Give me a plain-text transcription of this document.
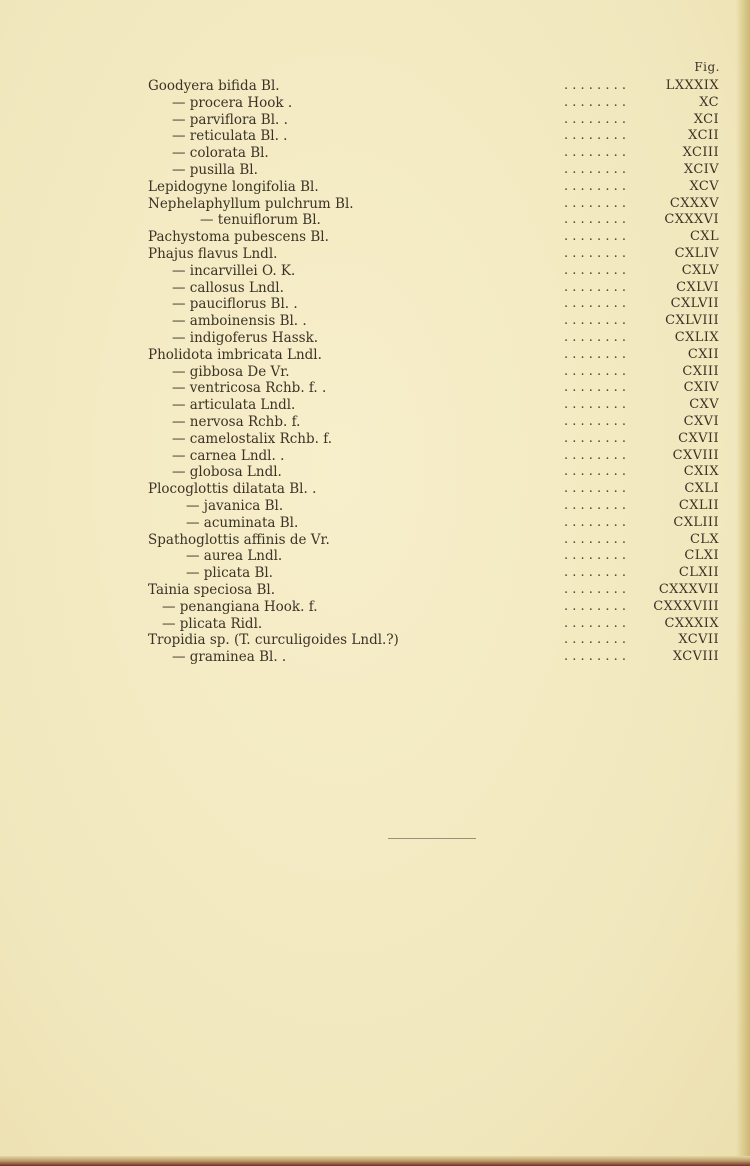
Fig.
. . . . . . . .
Goodyera bifida Bl.	LXXXIX
. . . . . . . .
— procera Hook .	XC
. . . . . . . .
— parviflora Bl. .	XCI
. . . . . . . .
— reticulata Bl. .	XCII
. . . . . . . .
— colorata Bl.	XCIII
. . . . . . . .
— pusilla Bl.	XCIV
. . . . . . . .
Lepidogyne longifolia Bl.	XCV
. . . . . . . .
Nephelaphyllum pulchrum Bl.	CXXXV
. . . . . . . .
— tenuiflorum Bl.	CXXXVI
. . . . . . . .
Pachystoma pubescens Bl.	CXL
. . . . . . . .
Phajus flavus Lndl.	CXLIV
. . . . . . . .
— incarvillei O. K.	CXLV
. . . . . . . .
— callosus Lndl.	CXLVI
. . . . . . . .
— pauciflorus Bl. .	CXLVII
. . . . . . . .
— amboinensis Bl. .	CXLVIII
. . . . . . . .
— indigoferus Hassk.	CXLIX
. . . . . . . .
Pholidota imbricata Lndl.	CXII
. . . . . . . .
— gibbosa De Vr.	CXIII
. . . . . . . .
— ventricosa Rchb. f. .	CXIV
. . . . . . . .
— articulata Lndl.	CXV
. . . . . . . .
— nervosa Rchb. f.	CXVI
. . . . . . . .
— camelostalix Rchb. f.	CXVII
. . . . . . . .
— carnea Lndl. .	CXVIII
. . . . . . . .
— globosa Lndl.	CXIX
. . . . . . . .
Plocoglottis dilatata Bl. .	CXLI
. . . . . . . .
— javanica Bl.	CXLII
. . . . . . . .
— acuminata Bl.	CXLIII
. . . . . . . .
Spathoglottis affinis de Vr.	CLX
. . . . . . . .
— aurea Lndl.	CLXI
. . . . . . . .
— plicata Bl.	CLXII
. . . . . . . .
Tainia speciosa Bl.	CXXXVII
. . . . . . . .
— penangiana Hook. f.	CXXXVIII
. . . . . . . .
— plicata Ridl.	CXXXIX
. . . . . . . .
Tropidia sp. (T. curculigoides Lndl.?)	XCVII
. . . . . . . .
— graminea Bl. .	XCVIII
